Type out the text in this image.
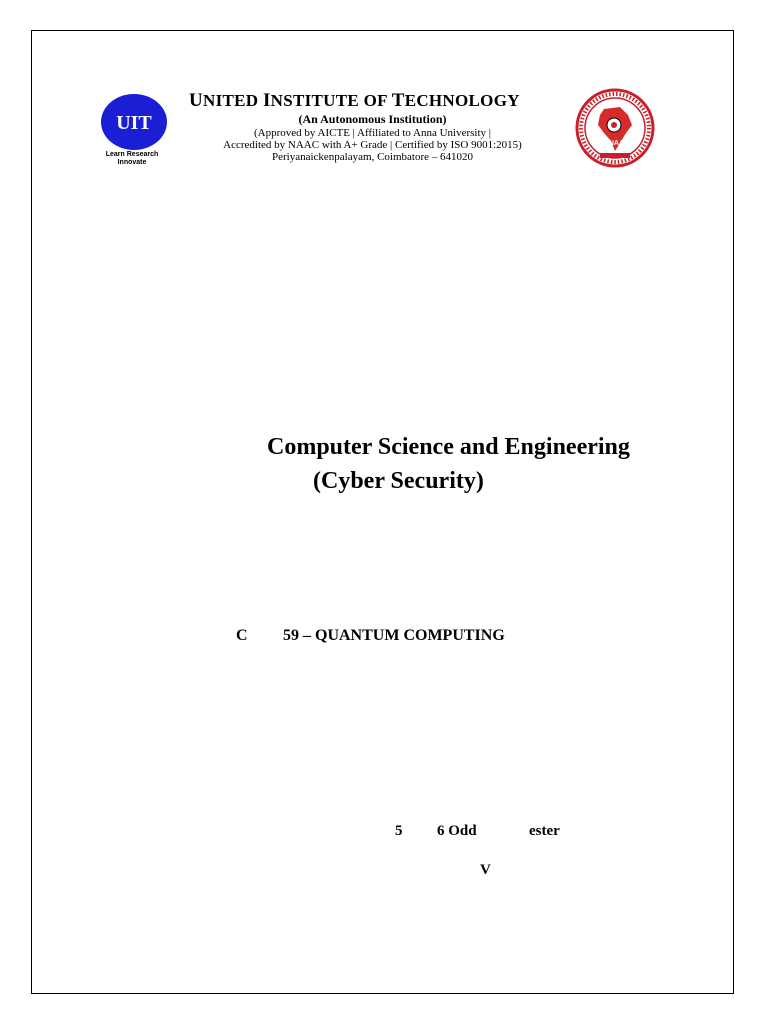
UIT
Learn Research
Innovate
UNITED INSTITUTE OF TECHNOLOGY
(An Autonomous Institution)
(Approved by AICTE | Affiliated to Anna University |
Accredited by NAAC with A+ Grade | Certified by ISO 9001:2015)
Periyanaickenpalayam, Coimbatore – 641020
NAAC
Computer Science and Engineering
(Cyber Security)
C 59 – QUANTUM COMPUTING
5 6 Odd	ester
V
